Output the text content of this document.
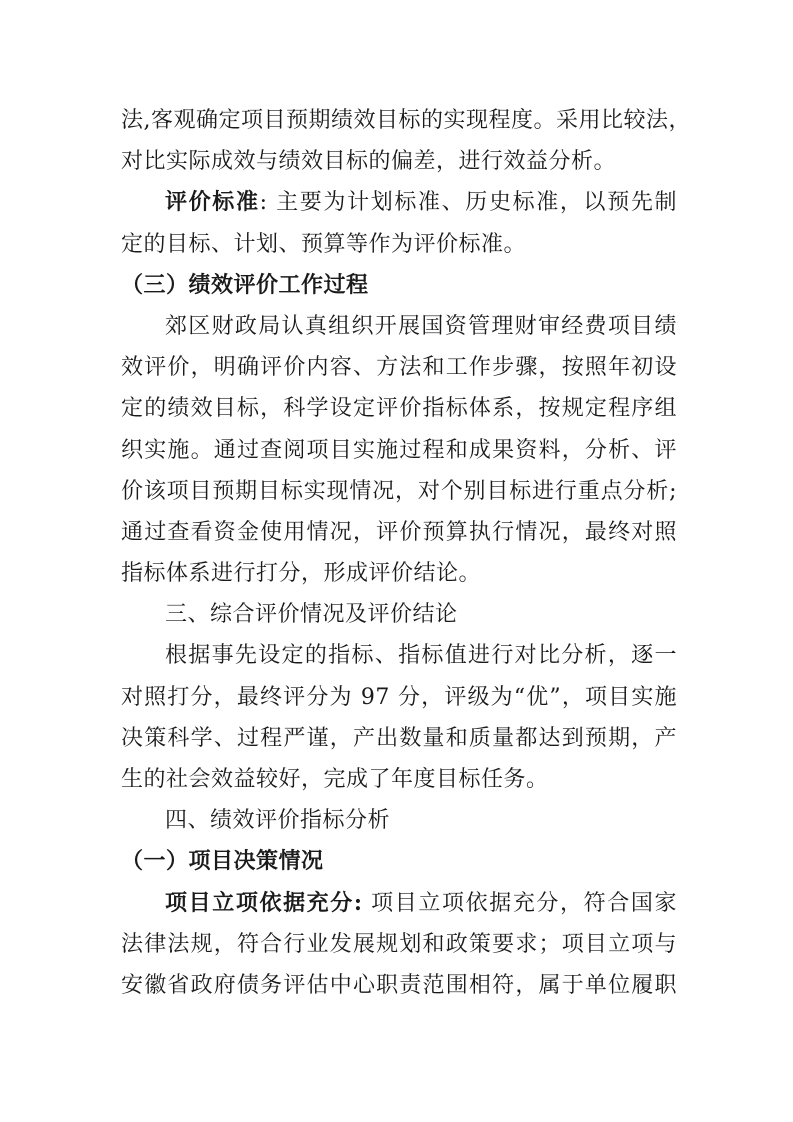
法,客观确定项目预期绩效目标的实现程度。采用比较法，
对比实际成效与绩效目标的偏差，进行效益分析。
评价标准: 主要为计划标准、历史标准，以预先制
定的目标、计划、预算等作为评价标准。
（三）绩效评价工作过程
郊区财政局认真组织开展国资管理财审经费项目绩
效评价，明确评价内容、方法和工作步骤，按照年初设
定的绩效目标，科学设定评价指标体系，按规定程序组
织实施。通过查阅项目实施过程和成果资料，分析、评
价该项目预期目标实现情况，对个别目标进行重点分析;
通过查看资金使用情况，评价预算执行情况，最终对照
指标体系进行打分，形成评价结论。
三、综合评价情况及评价结论
根据事先设定的指标、指标值进行对比分析，逐一
对照打分，最终评分为 97 分，评级为“优”，项目实施
决策科学、过程严谨，产出数量和质量都达到预期，产
生的社会效益较好，完成了年度目标任务。
四、绩效评价指标分析
（一）项目决策情况
项目立项依据充分: 项目立项依据充分，符合国家
法律法规，符合行业发展规划和政策要求；项目立项与
安徽省政府债务评估中心职责范围相符，属于单位履职
